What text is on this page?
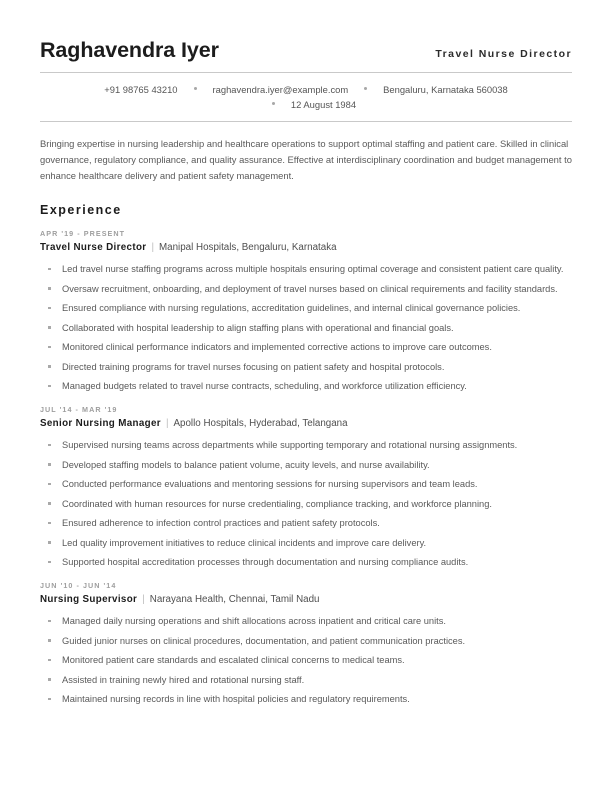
Raghavendra Iyer	Travel Nurse Director
+91 98765 43210	raghavendra.iyer@example.com	Bengaluru, Karnataka 560038
12 August 1984
Bringing expertise in nursing leadership and healthcare operations to support optimal staffing and patient care. Skilled in clinical governance, regulatory compliance, and quality assurance. Effective at interdisciplinary coordination and budget management to enhance healthcare delivery and patient safety management.
Experience
APR '19 - PRESENT
Travel Nurse Director | Manipal Hospitals, Bengaluru, Karnataka
Led travel nurse staffing programs across multiple hospitals ensuring optimal coverage and consistent patient care quality.
Oversaw recruitment, onboarding, and deployment of travel nurses based on clinical requirements and facility standards.
Ensured compliance with nursing regulations, accreditation guidelines, and internal clinical governance policies.
Collaborated with hospital leadership to align staffing plans with operational and financial goals.
Monitored clinical performance indicators and implemented corrective actions to improve care outcomes.
Directed training programs for travel nurses focusing on patient safety and hospital protocols.
Managed budgets related to travel nurse contracts, scheduling, and workforce utilization efficiency.
JUL '14 - MAR '19
Senior Nursing Manager | Apollo Hospitals, Hyderabad, Telangana
Supervised nursing teams across departments while supporting temporary and rotational nursing assignments.
Developed staffing models to balance patient volume, acuity levels, and nurse availability.
Conducted performance evaluations and mentoring sessions for nursing supervisors and team leads.
Coordinated with human resources for nurse credentialing, compliance tracking, and workforce planning.
Ensured adherence to infection control practices and patient safety protocols.
Led quality improvement initiatives to reduce clinical incidents and improve care delivery.
Supported hospital accreditation processes through documentation and nursing compliance audits.
JUN '10 - JUN '14
Nursing Supervisor | Narayana Health, Chennai, Tamil Nadu
Managed daily nursing operations and shift allocations across inpatient and critical care units.
Guided junior nurses on clinical procedures, documentation, and patient communication practices.
Monitored patient care standards and escalated clinical concerns to medical teams.
Assisted in training newly hired and rotational nursing staff.
Maintained nursing records in line with hospital policies and regulatory requirements.
